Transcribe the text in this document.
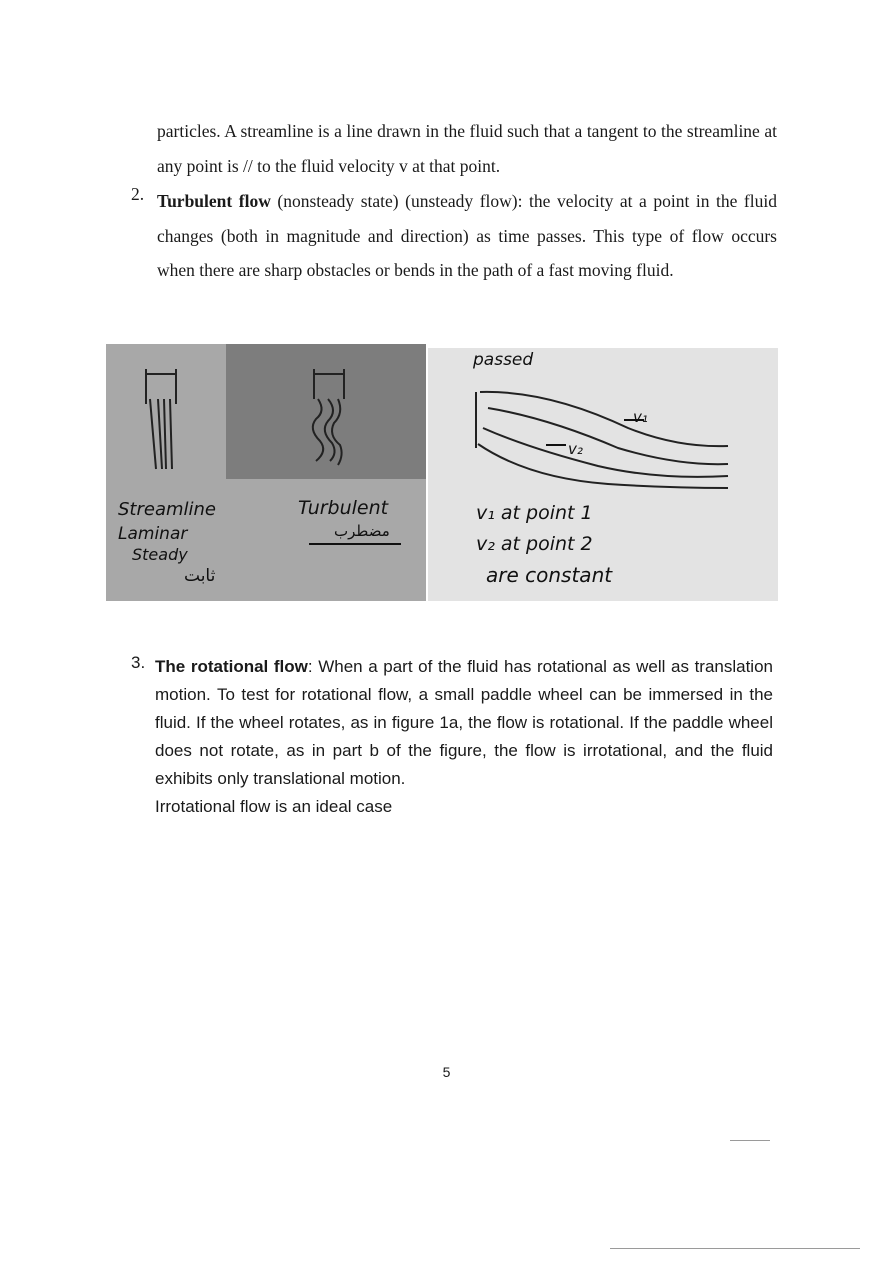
particles. A streamline is a line drawn in the fluid such that a tangent to the streamline at any point is // to the fluid velocity v at that point.
2. Turbulent flow (nonsteady state) (unsteady flow): the velocity at a point in the fluid changes (both in magnitude and direction) as time passes. This type of flow occurs when there are sharp obstacles or bends in the path of a fast moving fluid.
Streamline
Laminar
Steady
ثابت
Turbulent
مضطرب
passed
v₁
v₂
v₁ at point 1
v₂ at point 2
are constant
3. The rotational flow: When a part of the fluid has rotational as well as translation motion. To test for rotational flow, a small paddle wheel can be immersed in the fluid. If the wheel rotates, as in figure 1a, the flow is rotational. If the paddle wheel does not rotate, as in part b of the figure, the flow is irrotational, and the fluid exhibits only translational motion.
Irrotational flow is an ideal case
5
